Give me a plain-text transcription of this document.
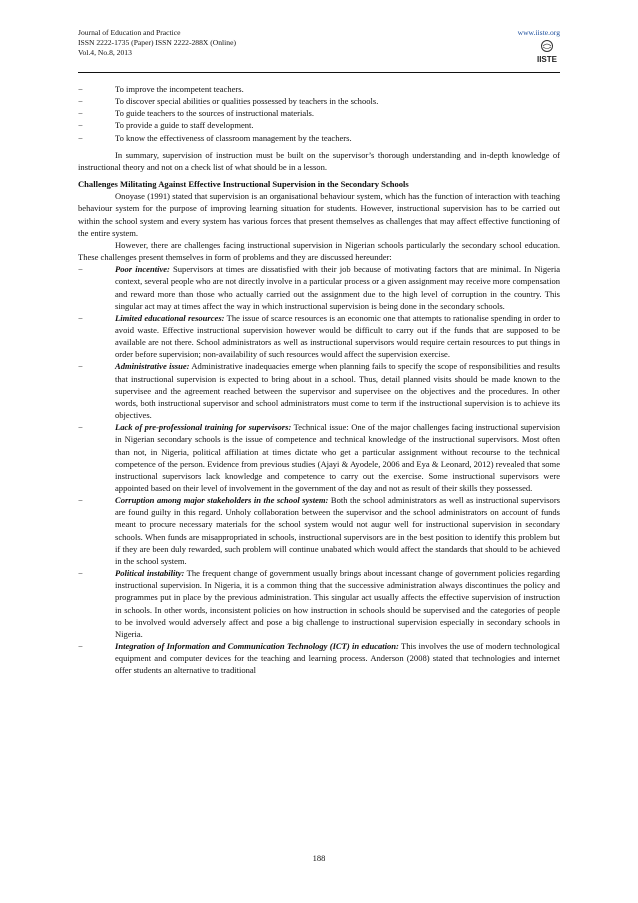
Journal of Education and Practice
ISSN 2222-1735 (Paper) ISSN 2222-288X (Online)
Vol.4, No.8, 2013
www.iiste.org
IISTE
−	To improve the incompetent teachers.
−	To discover special abilities or qualities possessed by teachers in the schools.
−	To guide teachers to the sources of instructional materials.
−	To provide a guide to staff development.
−	To know the effectiveness of classroom management by the teachers.

In summary, supervision of instruction must be built on the supervisor’s thorough understanding and in-depth knowledge of instructional theory and not on a check list of what should be in a lesson.

Challenges Militating Against Effective Instructional Supervision in the Secondary Schools

Onoyase (1991) stated that supervision is an organisational behaviour system, which has the function of interaction with teaching behaviour system for the purpose of improving learning situation for students. However, instructional supervision has to be carried out within the school system and every system has various forces that present themselves as challenges that may affect effective functioning of the entire system.

However, there are challenges facing instructional supervision in Nigerian schools particularly the secondary school education. These challenges present themselves in form of problems and they are discussed hereunder:

−	Poor incentive: Supervisors at times are dissatisfied with their job because of motivating factors that are minimal. In Nigeria context, several people who are not directly involve in a particular process or a given assignment may receive more compensation and reward more than those who actually carried out the assignment due to the high level of corruption in the country. This singular act may at times affect the way in which instructional supervision is being done in the secondary schools.
−	Limited educational resources: The issue of scarce resources is an economic one that attempts to rationalise spending in order to avoid waste. Effective instructional supervision however would be difficult to carry out if the funds that are supposed to be available are not there. School administrators as well as instructional supervisors would require certain resources to put things in order before supervision; non-availability of such resources would affect the supervision exercise.
−	Administrative issue: Administrative inadequacies emerge when planning fails to specify the scope of responsibilities and results that instructional supervision is expected to bring about in a school. Thus, detail planned visits should be made known to the supervisee and the agreement reached between the supervisor and supervisee on the objectives and the procedures. In other words, both instructional supervisor and school administrators must come to term if the instructional supervision is to achieve its objectives.
−	Lack of pre-professional training for supervisors: Technical issue: One of the major challenges facing instructional supervision in Nigerian secondary schools is the issue of competence and technical knowledge of the instructional supervisors. Most often than not, in Nigeria, political affiliation at times dictate who get a particular assignment without recourse to the technical competence of the person. Evidence from previous studies (Ajayi & Ayodele, 2006 and Eya & Leonard, 2012) revealed that some instructional supervisors lack knowledge and competence to carry out the exercise. Some instructional supervisors were appointed based on their level of involvement in the government of the day and not as result of their skills they possessed.
−	Corruption among major stakeholders in the school system: Both the school administrators as well as instructional supervisors are found guilty in this regard. Unholy collaboration between the supervisor and the school administrators on account of funds meant to procure necessary materials for the school system would not augur well for instructional supervision in secondary schools. When funds are misappropriated in schools, instructional supervisors are in the best position to identify this problem but if they are been duly rewarded, such problem will continue unabated which would affect the standards that should to be achieved in the school system.
−	Political instability: The frequent change of government usually brings about incessant change of government policies regarding instructional supervision. In Nigeria, it is a common thing that the successive administration always discontinues the policy and programmes put in place by the previous administration. This singular act usually affects the effective supervision of instruction in schools. In other words, inconsistent policies on how instruction in schools should be supervised and the categories of people to be involved would adversely affect and pose a big challenge to instructional supervision especially in secondary schools in Nigeria.
−	Integration of Information and Communication Technology (ICT) in education: This involves the use of modern technological equipment and computer devices for the teaching and learning process. Anderson (2008) stated that technologies and internet offer students an alternative to traditional
188
